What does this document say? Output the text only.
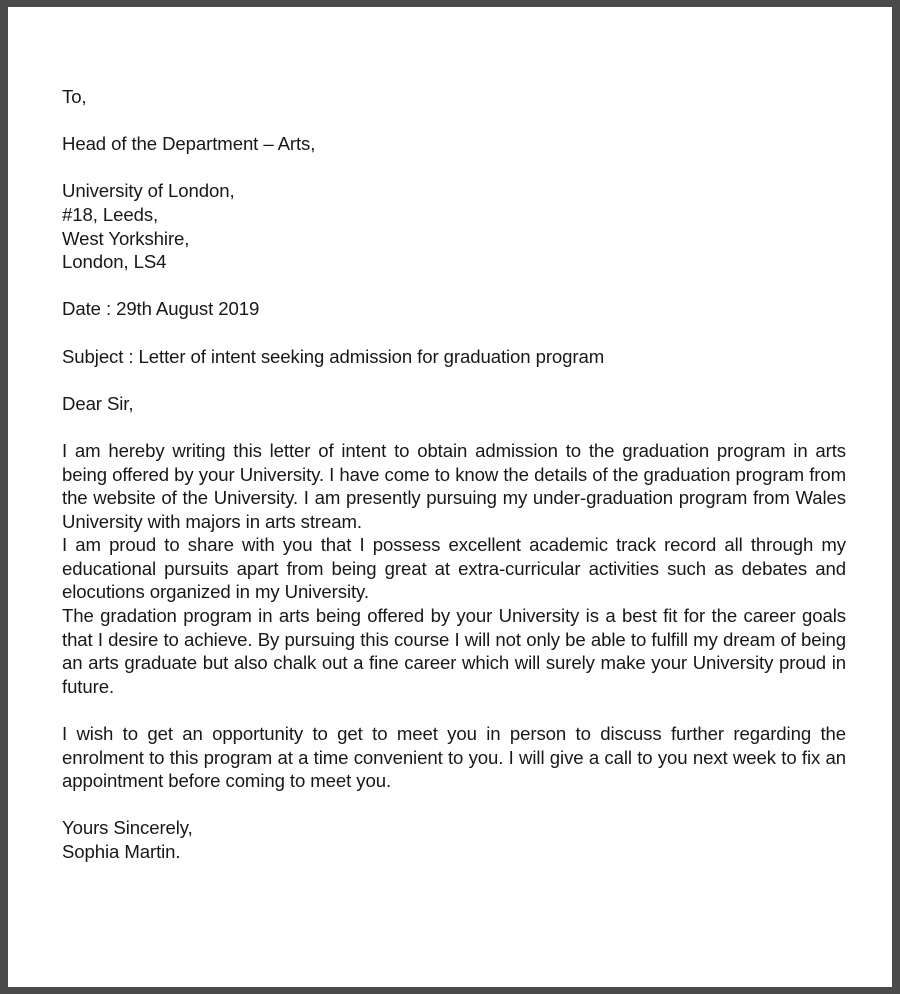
To,
Head of the Department – Arts,
University of London,
#18, Leeds,
West Yorkshire,
London, LS4
Date : 29th August 2019
Subject : Letter of intent seeking admission for graduation program
Dear Sir,
I am hereby writing this letter of intent to obtain admission to the graduation program in arts being offered by your University. I have come to know the details of the graduation program from the website of the University. I am presently pursuing my under-graduation program from Wales University with majors in arts stream.
I am proud to share with you that I possess excellent academic track record all through my educational pursuits apart from being great at extra-curricular activities such as debates and elocutions organized in my University.
The gradation program in arts being offered by your University is a best fit for the career goals that I desire to achieve. By pursuing this course I will not only be able to fulfill my dream of being an arts graduate but also chalk out a fine career which will surely make your University proud in future.
I wish to get an opportunity to get to meet you in person to discuss further regarding the enrolment to this program at a time convenient to you. I will give a call to you next week to fix an appointment before coming to meet you.
Yours Sincerely,
Sophia Martin.
